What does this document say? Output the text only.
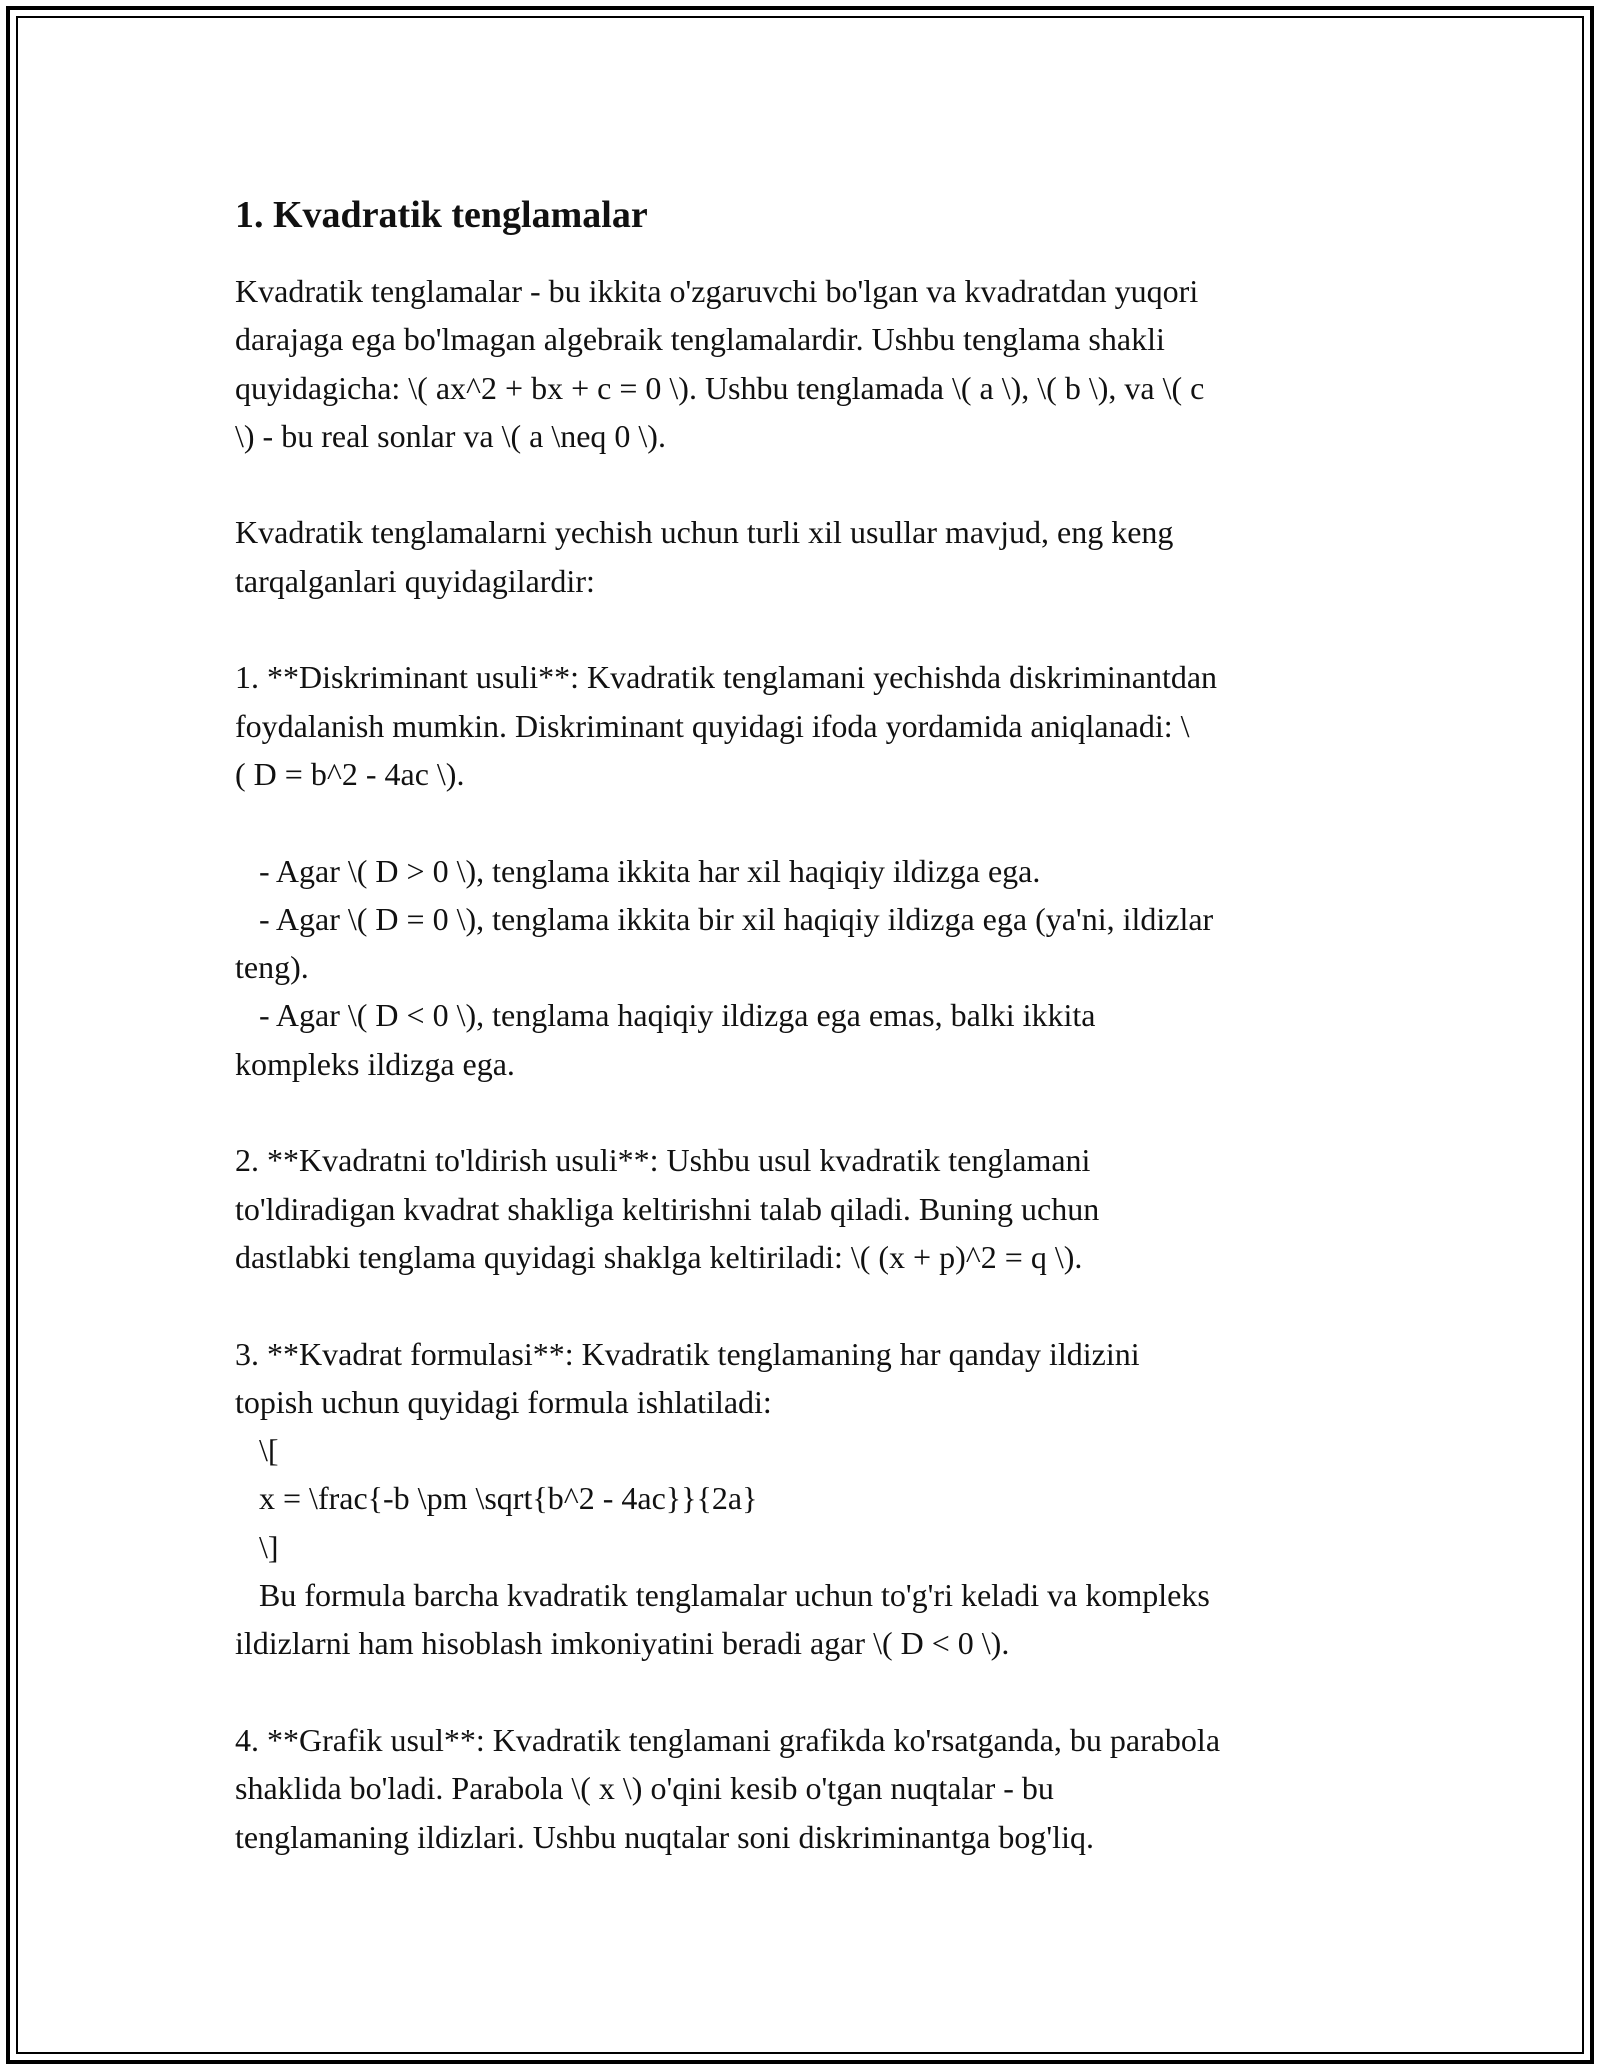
1. Kvadratik tenglamalar
Kvadratik tenglamalar - bu ikkita o'zgaruvchi bo'lgan va kvadratdan yuqori
darajaga ega bo'lmagan algebraik tenglamalardir. Ushbu tenglama shakli
quyidagicha: \( ax^2 + bx + c = 0 \). Ushbu tenglamada \( a \), \( b \), va \( c
\) - bu real sonlar va \( a \neq 0 \).

Kvadratik tenglamalarni yechish uchun turli xil usullar mavjud, eng keng
tarqalganlari quyidagilardir:

1. **Diskriminant usuli**: Kvadratik tenglamani yechishda diskriminantdan
foydalanish mumkin. Diskriminant quyidagi ifoda yordamida aniqlanadi: \
( D = b^2 - 4ac \).

- Agar \( D > 0 \), tenglama ikkita har xil haqiqiy ildizga ega.
- Agar \( D = 0 \), tenglama ikkita bir xil haqiqiy ildizga ega (ya'ni, ildizlar
teng).
- Agar \( D < 0 \), tenglama haqiqiy ildizga ega emas, balki ikkita
kompleks ildizga ega.

2. **Kvadratni to'ldirish usuli**: Ushbu usul kvadratik tenglamani
to'ldiradigan kvadrat shakliga keltirishni talab qiladi. Buning uchun
dastlabki tenglama quyidagi shaklga keltiriladi: \( (x + p)^2 = q \).

3. **Kvadrat formulasi**: Kvadratik tenglamaning har qanday ildizini
topish uchun quyidagi formula ishlatiladi:
\[
x = \frac{-b \pm \sqrt{b^2 - 4ac}}{2a}
\]
Bu formula barcha kvadratik tenglamalar uchun to'g'ri keladi va kompleks
ildizlarni ham hisoblash imkoniyatini beradi agar \( D < 0 \).

4. **Grafik usul**: Kvadratik tenglamani grafikda ko'rsatganda, bu parabola
shaklida bo'ladi. Parabola \( x \) o'qini kesib o'tgan nuqtalar - bu
tenglamaning ildizlari. Ushbu nuqtalar soni diskriminantga bog'liq.
